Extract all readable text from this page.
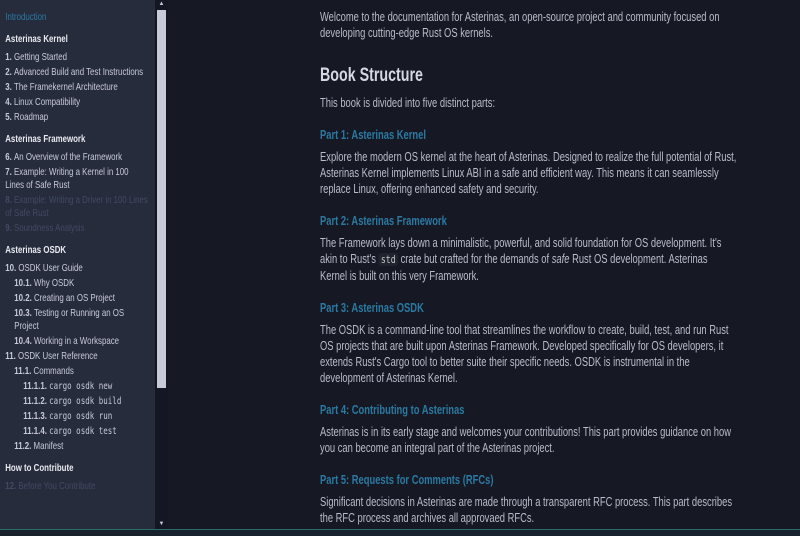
Introduction
Asterinas Kernel
1. Getting Started
2. Advanced Build and Test Instructions
3. The Framekernel Architecture
4. Linux Compatibility
5. Roadmap
Asterinas Framework
6. An Overview of the Framework
7. Example: Writing a Kernel in 100 Lines of Safe Rust
8. Example: Writing a Driver in 100 Lines of Safe Rust
9. Soundness Analysis
Asterinas OSDK
10. OSDK User Guide
10.1. Why OSDK
10.2. Creating an OS Project
10.3. Testing or Running an OS Project
10.4. Working in a Workspace
11. OSDK User Reference
11.1. Commands
11.1.1. cargo osdk new
11.1.2. cargo osdk build
11.1.3. cargo osdk run
11.1.4. cargo osdk test
11.2. Manifest
How to Contribute
12. Before You Contribute
▲
▼

Welcome to the documentation for Asterinas, an open-source project and community focused on developing cutting-edge Rust OS kernels.

Book Structure

This book is divided into five distinct parts:

Part 1: Asterinas Kernel

Explore the modern OS kernel at the heart of Asterinas. Designed to realize the full potential of Rust, Asterinas Kernel implements Linux ABI in a safe and efficient way. This means it can seamlessly replace Linux, offering enhanced safety and security.

Part 2: Asterinas Framework

The Framework lays down a minimalistic, powerful, and solid foundation for OS development. It's akin to Rust's std crate but crafted for the demands of safe Rust OS development. Asterinas Kernel is built on this very Framework.

Part 3: Asterinas OSDK

The OSDK is a command-line tool that streamlines the workflow to create, build, test, and run Rust OS projects that are built upon Asterinas Framework. Developed specifically for OS developers, it extends Rust's Cargo tool to better suite their specific needs. OSDK is instrumental in the development of Asterinas Kernel.

Part 4: Contributing to Asterinas

Asterinas is in its early stage and welcomes your contributions! This part provides guidance on how you can become an integral part of the Asterinas project.

Part 5: Requests for Comments (RFCs)

Significant decisions in Asterinas are made through a transparent RFC process. This part describes the RFC process and archives all approvaed RFCs.
